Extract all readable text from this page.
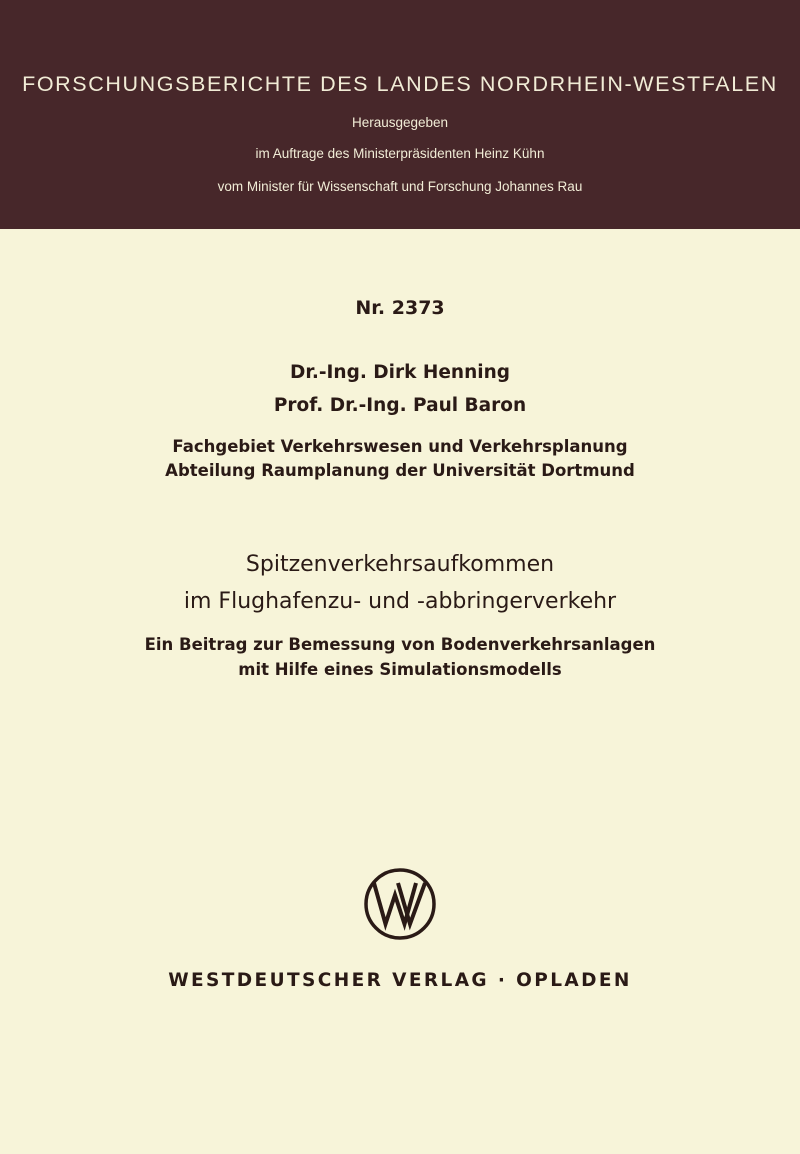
FORSCHUNGSBERICHTE DES LANDES NORDRHEIN-WESTFALEN
Herausgegeben
im Auftrage des Ministerpräsidenten Heinz Kühn
vom Minister für Wissenschaft und Forschung Johannes Rau
Nr. 2373
Dr.-Ing. Dirk Henning
Prof. Dr.-Ing. Paul Baron
Fachgebiet Verkehrswesen und Verkehrsplanung
Abteilung Raumplanung der Universität Dortmund
Spitzenverkehrsaufkommen
im Flughafenzu- und -abbringerverkehr
Ein Beitrag zur Bemessung von Bodenverkehrsanlagen
mit Hilfe eines Simulationsmodells
WESTDEUTSCHER VERLAG · OPLADEN
